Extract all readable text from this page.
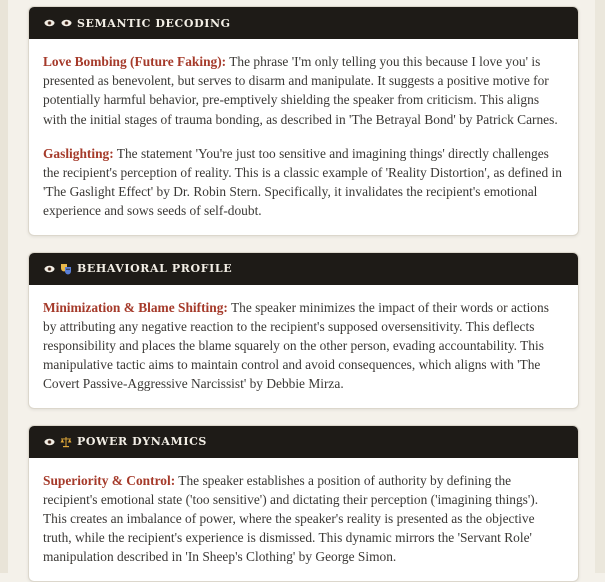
SEMANTIC DECODING

Love Bombing (Future Faking): The phrase 'I'm only telling you this because I love you' is presented as benevolent, but serves to disarm and manipulate. It suggests a positive motive for potentially harmful behavior, pre-emptively shielding the speaker from criticism. This aligns with the initial stages of trauma bonding, as described in 'The Betrayal Bond' by Patrick Carnes.

Gaslighting: The statement 'You're just too sensitive and imagining things' directly challenges the recipient's perception of reality. This is a classic example of 'Reality Distortion', as defined in 'The Gaslight Effect' by Dr. Robin Stern. Specifically, it invalidates the recipient's emotional experience and sows seeds of self-doubt.

BEHAVIORAL PROFILE

Minimization & Blame Shifting: The speaker minimizes the impact of their words or actions by attributing any negative reaction to the recipient's supposed oversensitivity. This deflects responsibility and places the blame squarely on the other person, evading accountability. This manipulative tactic aims to maintain control and avoid consequences, which aligns with 'The Covert Passive-Aggressive Narcissist' by Debbie Mirza.

POWER DYNAMICS

Superiority & Control: The speaker establishes a position of authority by defining the recipient's emotional state ('too sensitive') and dictating their perception ('imagining things'). This creates an imbalance of power, where the speaker's reality is presented as the objective truth, while the recipient's experience is dismissed. This dynamic mirrors the 'Servant Role' manipulation described in 'In Sheep's Clothing' by George Simon.
